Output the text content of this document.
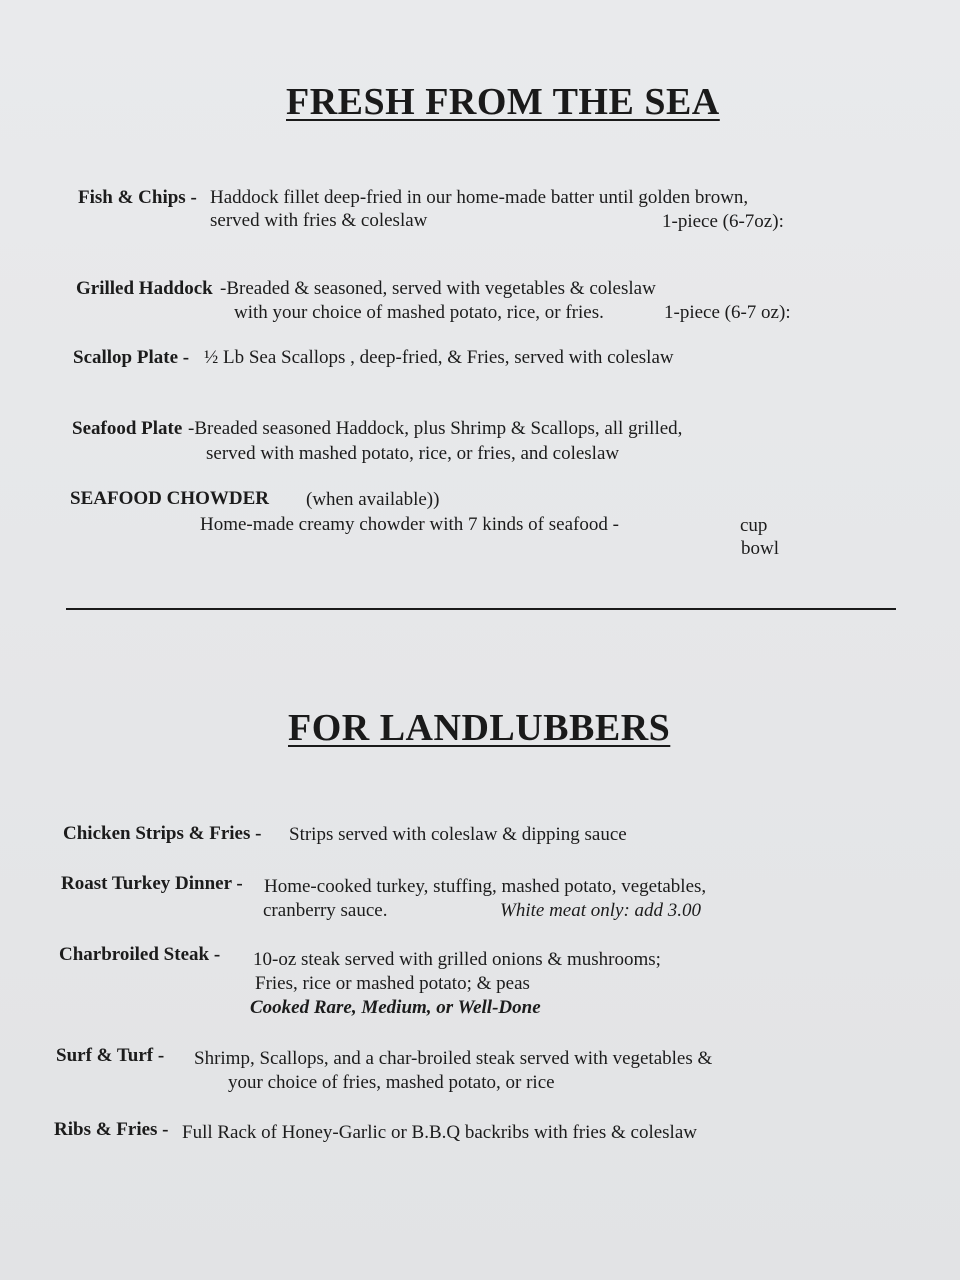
FRESH FROM THE SEA
Fish & Chips - Haddock fillet deep-fried in our home-made batter until golden brown,
served with fries & coleslaw	1-piece (6-7oz):
Grilled Haddock -Breaded & seasoned, served with vegetables & coleslaw
with your choice of mashed potato, rice, or fries.	1-piece (6-7 oz):
Scallop Plate - ½ Lb Sea Scallops , deep-fried, & Fries, served with coleslaw
Seafood Plate -Breaded seasoned Haddock, plus Shrimp & Scallops, all grilled,
served with mashed potato, rice, or fries, and coleslaw
SEAFOOD CHOWDER (when available))
Home-made creamy chowder with 7 kinds of seafood -	cup
bowl
FOR LANDLUBBERS
Chicken Strips & Fries - Strips served with coleslaw & dipping sauce
Roast Turkey Dinner - Home-cooked turkey, stuffing, mashed potato, vegetables,
cranberry sauce.	White meat only: add 3.00
Charbroiled Steak - 10-oz steak served with grilled onions & mushrooms;
Fries, rice or mashed potato; & peas
Cooked Rare, Medium, or Well-Done
Surf & Turf - Shrimp, Scallops, and a char-broiled steak served with vegetables &
your choice of fries, mashed potato, or rice
Ribs & Fries - Full Rack of Honey-Garlic or B.B.Q backribs with fries & coleslaw
